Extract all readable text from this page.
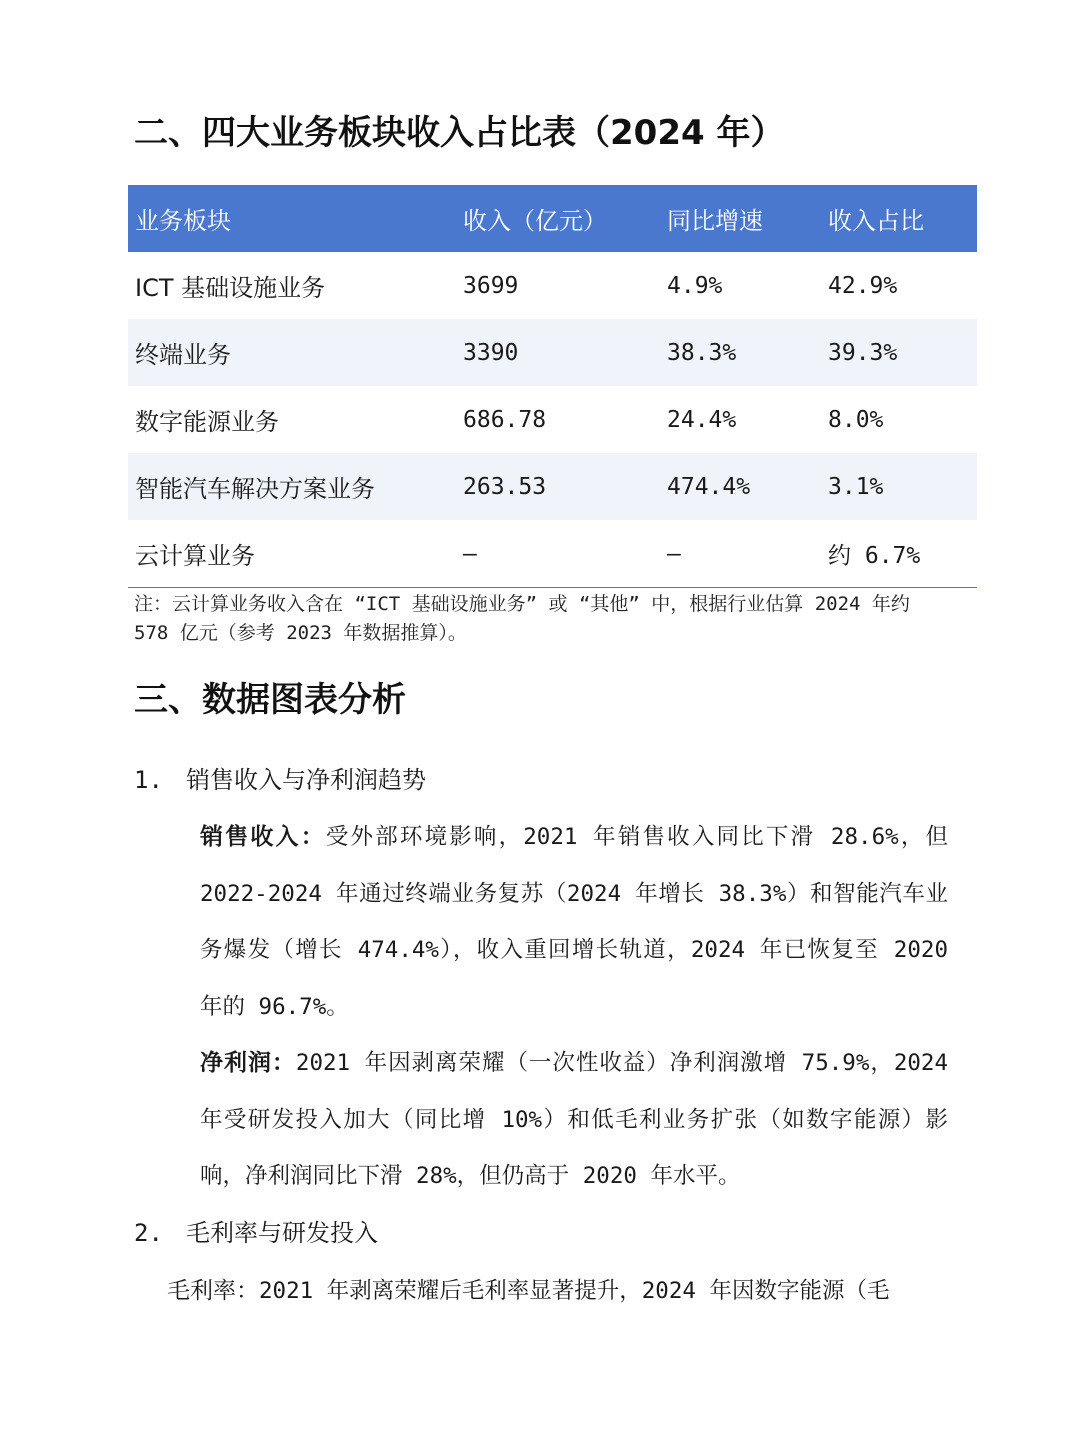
二、四大业务板块收入占比表（2024 年）
业务板块	收入（亿元）	同比增速	收入占比
ICT 基础设施业务	3699	4.9%	42.9%
终端业务	3390	38.3%	39.3%
数字能源业务	686.78	24.4%	8.0%
智能汽车解决方案业务	263.53	474.4%	3.1%
云计算业务	—	—	约 6.7%

注：云计算业务收入含在 “ICT 基础设施业务” 或 “其他” 中，根据行业估算 2024 年约 578 亿元（参考 2023 年数据推算）。

三、数据图表分析
1. 销售收入与净利润趋势

销售收入：受外部环境影响，2021 年销售收入同比下滑 28.6%，但 2022-2024 年通过终端业务复苏（2024 年增长 38.3%）和智能汽车业务爆发（增长 474.4%），收入重回增长轨道，2024 年已恢复至 2020 年的 96.7%。

净利润：2021 年因剥离荣耀（一次性收益）净利润激增 75.9%，2024 年受研发投入加大（同比增 10%）和低毛利业务扩张（如数字能源）影响，净利润同比下滑 28%，但仍高于 2020 年水平。

2. 毛利率与研发投入

毛利率：2021 年剥离荣耀后毛利率显著提升，2024 年因数字能源（毛
